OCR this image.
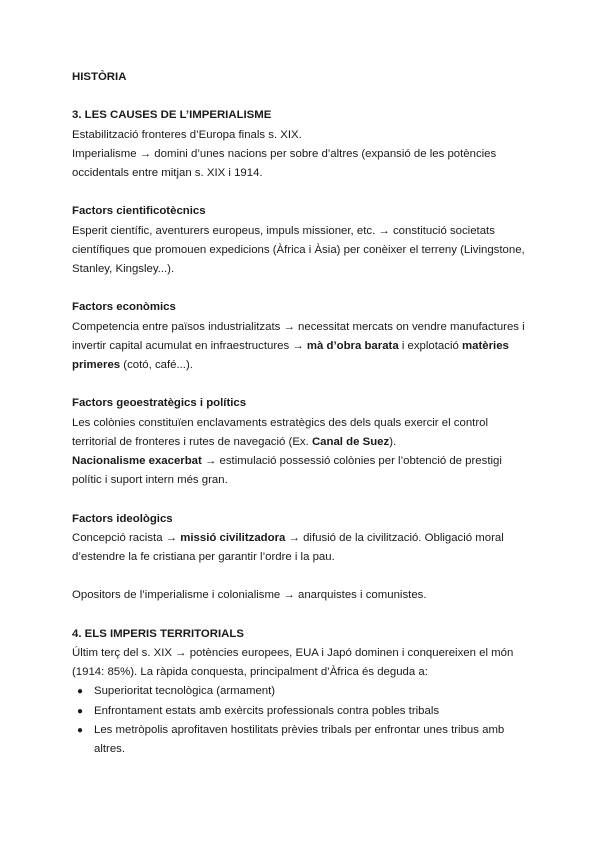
HISTÒRIA

3. LES CAUSES DE L’IMPERIALISME

Estabilització fronteres d’Europa finals s. XIX.

Imperialisme → domini d’unes nacions per sobre d’altres (expansió de les potències occidentals entre mitjan s. XIX i 1914.

Factors cientificotècnics

Esperit científic, aventurers europeus, impuls missioner, etc. → constitució societats científiques que promouen expedicions (Àfrica i Àsia) per conèixer el terreny (Livingstone, Stanley, Kingsley...).

Factors econòmics

Competencia entre països industrialitzats → necessitat mercats on vendre manufactures i invertir capital acumulat en infraestructures → mà d’obra barata i explotació matèries primeres (cotó, café...).

Factors geoestratègics i polítics

Les colònies constituïen enclavaments estratègics des dels quals exercir el control territorial de fronteres i rutes de navegació (Ex. Canal de Suez).

Nacionalisme exacerbat → estimulació possessió colònies per l’obtenció de prestigi polític i suport intern més gran.

Factors ideològics

Concepció racista → missió civilitzadora → difusió de la civilització. Obligació moral d’estendre la fe cristiana per garantir l’ordre i la pau.

Opositors de l’imperialisme i colonialisme → anarquistes i comunistes.

4. ELS IMPERIS TERRITORIALS

Últim terç del s. XIX → potències europees, EUA i Japó dominen i conquereixen el món (1914: 85%). La ràpida conquesta, principalment d’Àfrica és deguda a:

● Superioritat tecnològica (armament)
● Enfrontament estats amb exèrcits professionals contra pobles tribals
● Les metròpolis aprofitaven hostilitats prèvies tribals per enfrontar unes tribus amb altres.
